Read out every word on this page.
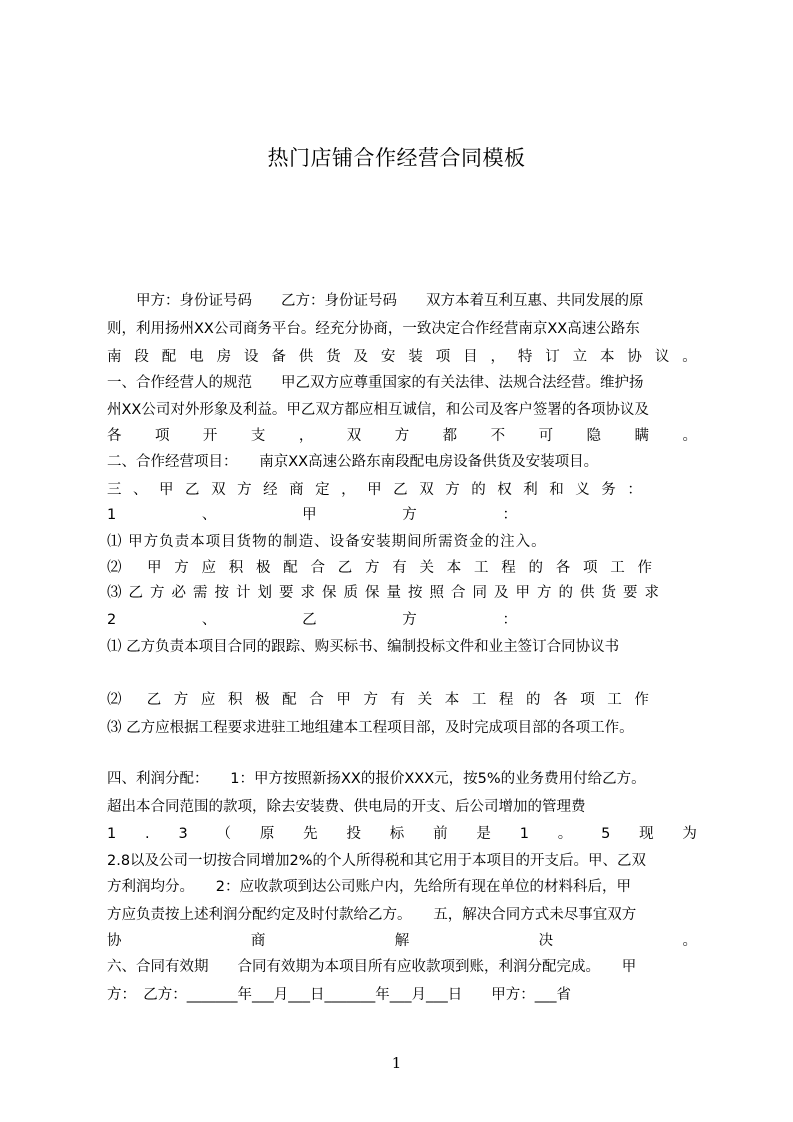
热门店铺合作经营合同模板
　　甲方：身份证号码　　乙方：身份证号码　　双方本着互利互惠、共同发展的原
则，利用扬州XX公司商务平台。经充分协商，一致决定合作经营南京XX高速公路东
南 段 配 电 房 设 备 供 货 及 安 装 项 目 ， 特 订 立 本 协 议 。
一、合作经营人的规范　　甲乙双方应尊重国家的有关法律、法规合法经营。维护扬
州XX公司对外形象及利益。甲乙双方都应相互诚信，和公司及客户签署的各项协议及
各 项 开 支 ， 双 方 都 不 可 隐 瞒 。
二、合作经营项目：　　南京XX高速公路东南段配电房设备供货及安装项目。
三 、 甲 乙 双 方 经 商 定 ， 甲 乙 双 方 的 权 利 和 义 务 ：
1	、	甲	方	：
⑴ 甲方负责本项目货物的制造、设备安装期间所需资金的注入。
⑵ 甲 方 应 积 极 配 合 乙 方 有 关 本 工 程 的 各 项 工 作
⑶ 乙 方 必 需 按 计 划 要 求 保 质 保 量 按 照 合 同 及 甲 方 的 供 货 要 求
2	、	乙	方	：
⑴ 乙方负责本项目合同的跟踪、购买标书、编制投标文件和业主签订合同协议书
⑵ 乙 方 应 积 极 配 合 甲 方 有 关 本 工 程 的 各 项 工 作
⑶ 乙方应根据工程要求进驻工地组建本工程项目部，及时完成项目部的各项工作。
四、利润分配：　　1：甲方按照新扬XX的报价XXX元，按5%的业务费用付给乙方。
超出本合同范围的款项，除去安装费、供电局的开支、后公司增加的管理费
1 . 3 （ 原 先 投 标 前 是 1 。 5 现 为
2.8以及公司一切按合同增加2%的个人所得税和其它用于本项目的开支后。甲、乙双
方利润均分。　　2：应收款项到达公司账户内，先给所有现在单位的材料科后，甲
方应负责按上述利润分配约定及时付款给乙方。　　五，解决合同方式未尽事宜双方
协	商	解	决	。
六、合同有效期　　合同有效期为本项目所有应收款项到账，利润分配完成。　　甲
方：　乙方：_______年___月___日_______年___月___日　　甲方：___省
1
